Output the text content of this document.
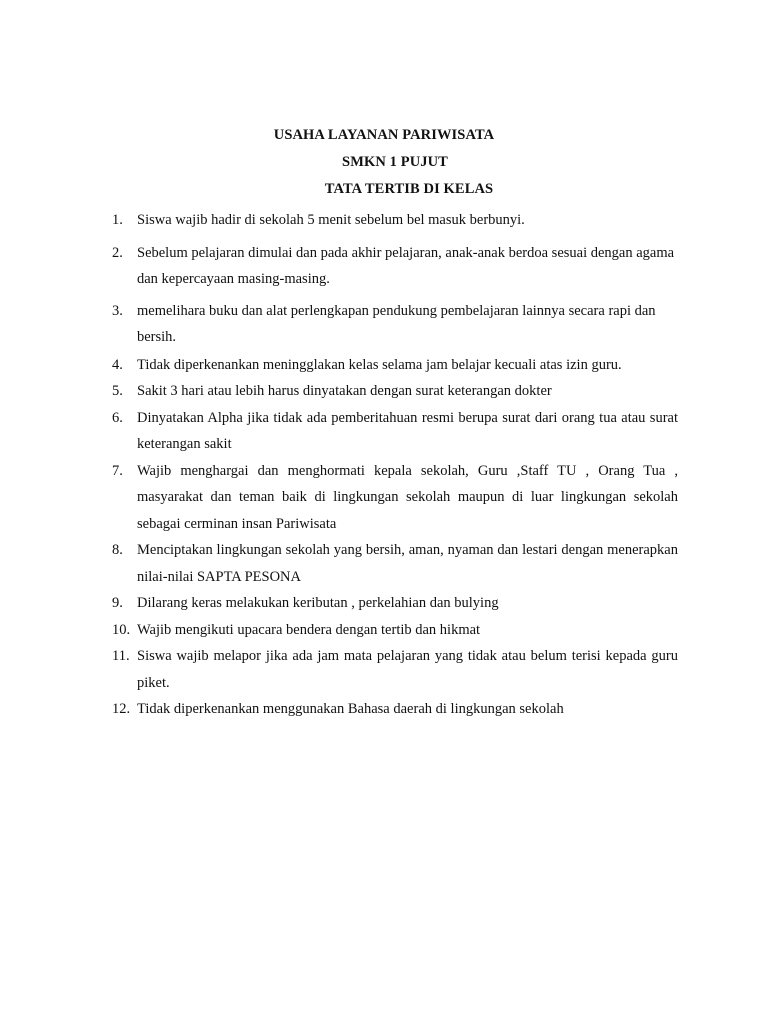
USAHA LAYANAN PARIWISATA
SMKN 1 PUJUT
TATA TERTIB DI KELAS
1. Siswa wajib hadir di sekolah 5 menit sebelum bel masuk berbunyi.
2. Sebelum pelajaran dimulai dan pada akhir pelajaran, anak-anak berdoa sesuai dengan agama dan kepercayaan masing-masing.
3. memelihara buku dan alat perlengkapan pendukung pembelajaran lainnya secara rapi dan bersih.
4. Tidak diperkenankan meningglakan kelas selama jam belajar kecuali atas izin guru.
5. Sakit 3 hari atau lebih harus dinyatakan dengan surat keterangan dokter
6. Dinyatakan Alpha jika tidak ada pemberitahuan resmi berupa surat dari orang tua atau surat keterangan sakit
7. Wajib menghargai dan menghormati kepala sekolah, Guru ,Staff TU , Orang Tua , masyarakat dan teman baik di lingkungan sekolah maupun di luar lingkungan sekolah sebagai cerminan insan Pariwisata
8. Menciptakan lingkungan sekolah yang bersih, aman, nyaman dan lestari dengan menerapkan nilai-nilai SAPTA PESONA
9. Dilarang keras melakukan keributan , perkelahian dan bulying
10. Wajib mengikuti upacara bendera dengan tertib dan hikmat
11. Siswa wajib melapor jika ada jam mata pelajaran yang tidak atau belum terisi kepada guru piket.
12. Tidak diperkenankan menggunakan Bahasa daerah di lingkungan sekolah
